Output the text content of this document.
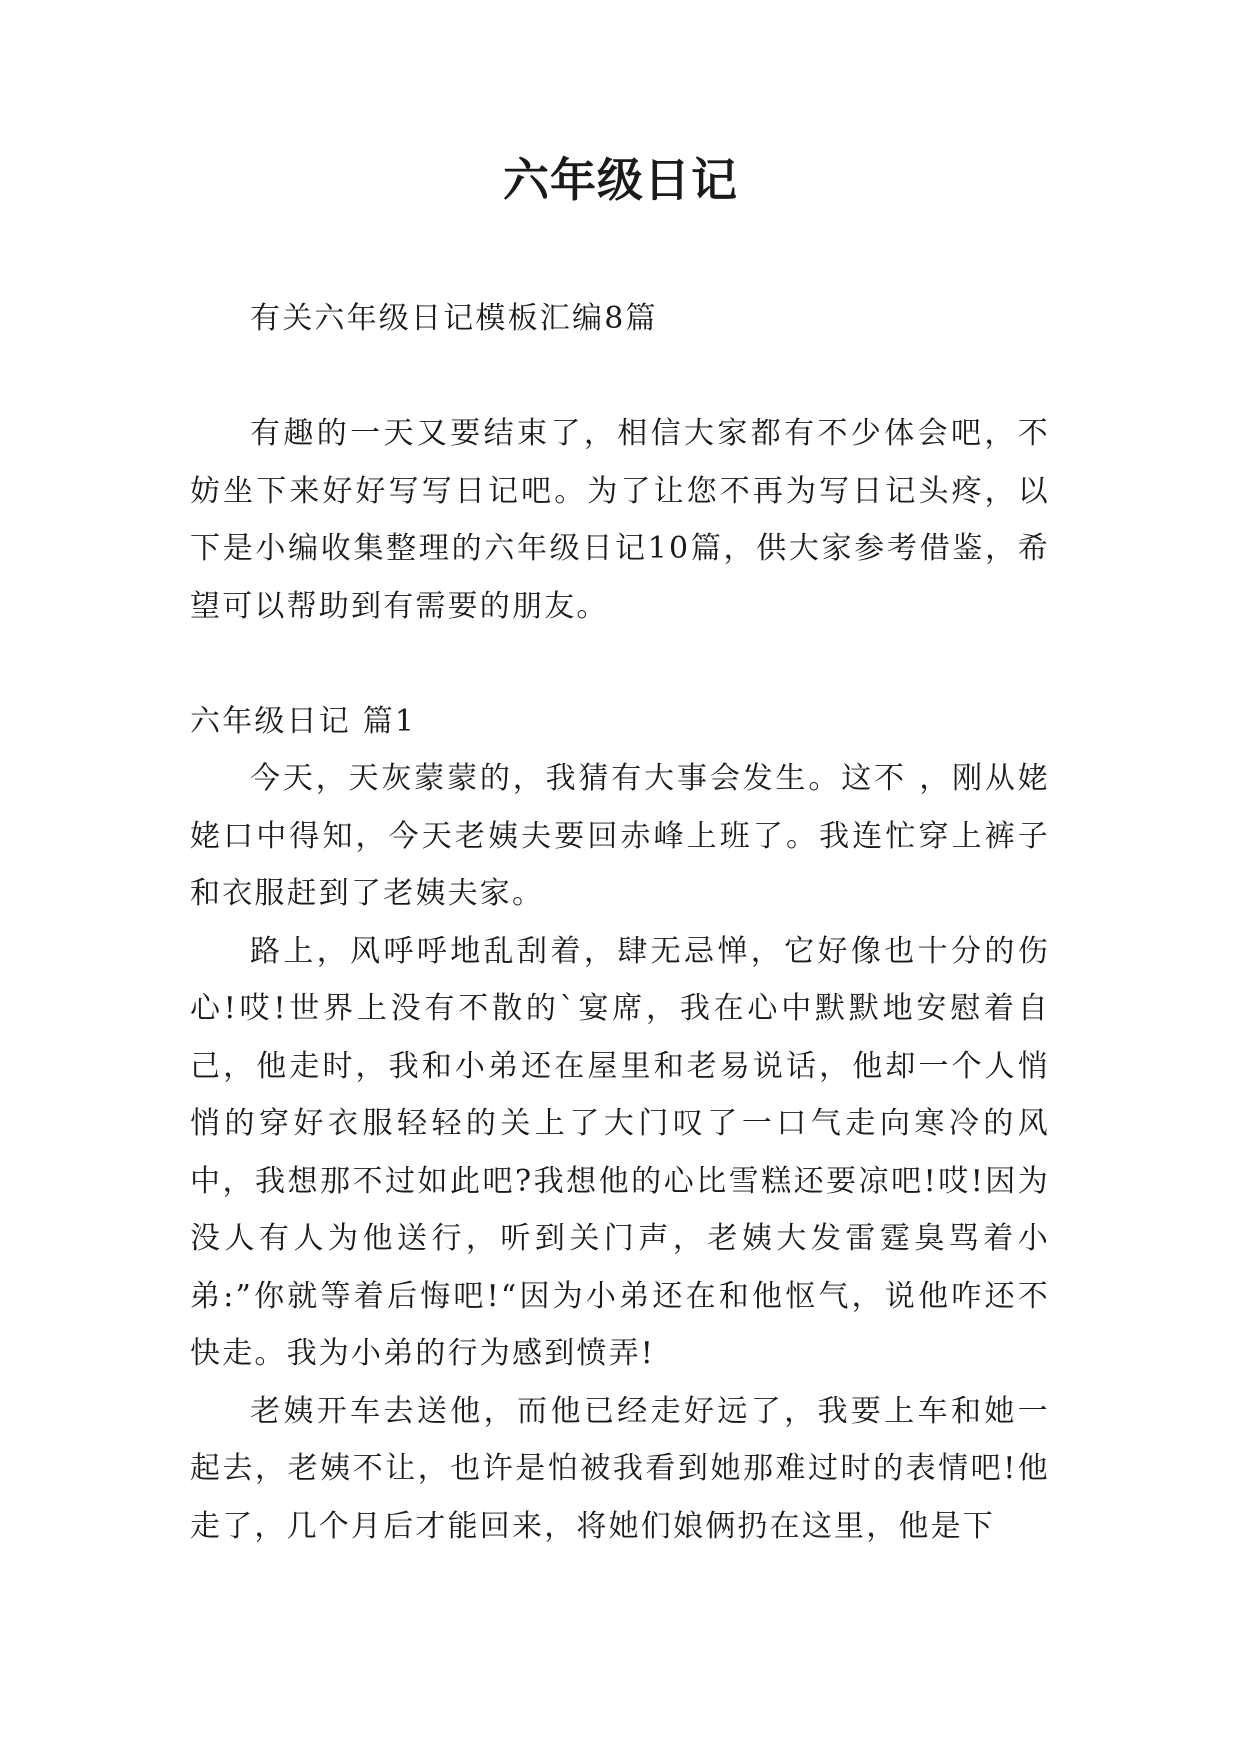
六年级日记

有关六年级日记模板汇编8篇

有趣的一天又要结束了，相信大家都有不少体会吧，不妨坐下来好好写写日记吧。为了让您不再为写日记头疼，以下是小编收集整理的六年级日记10篇，供大家参考借鉴，希望可以帮助到有需要的朋友。

六年级日记 篇1

今天，天灰蒙蒙的，我猜有大事会发生。这不 ，刚从姥姥口中得知，今天老姨夫要回赤峰上班了。我连忙穿上裤子和衣服赶到了老姨夫家。

路上，风呼呼地乱刮着，肆无忌惮，它好像也十分的伤心!哎!世界上没有不散的`宴席，我在心中默默地安慰着自己，他走时，我和小弟还在屋里和老易说话，他却一个人悄悄的穿好衣服轻轻的关上了大门叹了一口气走向寒冷的风中，我想那不过如此吧?我想他的心比雪糕还要凉吧!哎!因为没人有人为他送行，听到关门声，老姨大发雷霆臭骂着小弟:”你就等着后悔吧!“因为小弟还在和他怄气，说他咋还不快走。我为小弟的行为感到愤弄!

老姨开车去送他，而他已经走好远了，我要上车和她一起去，老姨不让，也许是怕被我看到她那难过时的表情吧!他走了，几个月后才能回来，将她们娘俩扔在这里，他是下
